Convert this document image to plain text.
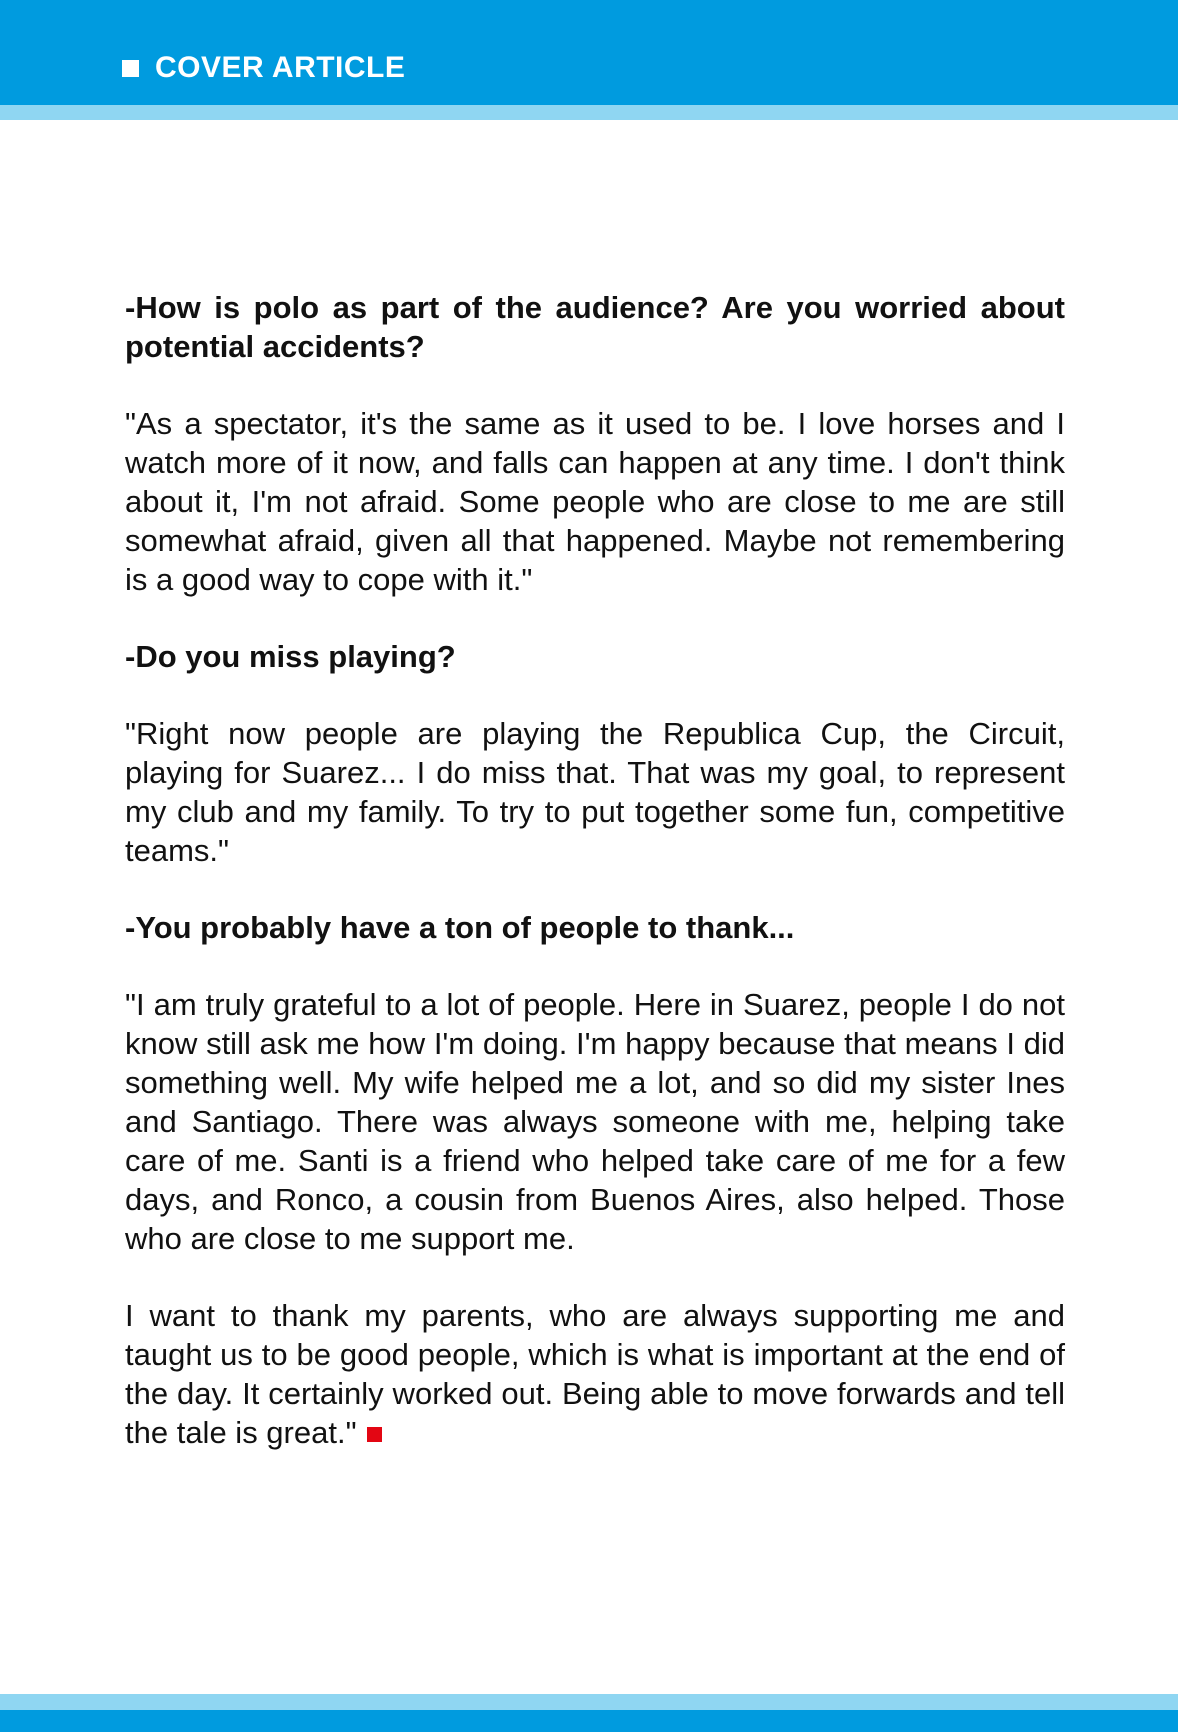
COVER ARTICLE

-How is polo as part of the audience? Are you worried about potential accidents?

"As a spectator, it's the same as it used to be. I love horses and I watch more of it now, and falls can happen at any time. I don't think about it, I'm not afraid. Some people who are close to me are still somewhat afraid, given all that happened. Maybe not remembering is a good way to cope with it."

-Do you miss playing?

"Right now people are playing the Republica Cup, the Circuit, playing for Suarez... I do miss that. That was my goal, to represent my club and my family. To try to put together some fun, competitive teams."

-You probably have a ton of people to thank...

"I am truly grateful to a lot of people. Here in Suarez, people I do not know still ask me how I'm doing. I'm happy because that means I did something well. My wife helped me a lot, and so did my sister Ines and Santiago. There was always someone with me, helping take care of me. Santi is a friend who helped take care of me for a few days, and Ronco, a cousin from Buenos Aires, also helped. Those who are close to me support me.

I want to thank my parents, who are always supporting me and taught us to be good people, which is what is important at the end of the day. It certainly worked out. Being able to move forwards and tell the tale is great."
